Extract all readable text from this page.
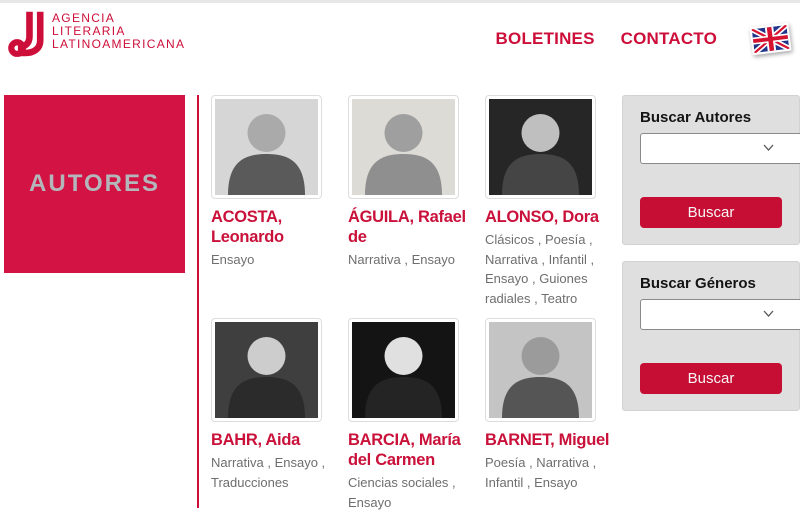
AGENCIA
LITERARIA
LATINOAMERICANA	BOLETINES CONTACTO
AUTORES
ACOSTA, Leonardo

Ensayo

ÁGUILA, Rafael de

Narrativa , Ensayo

ALONSO, Dora

Clásicos , Poesía , Narrativa , Infantil , Ensayo , Guiones radiales , Teatro

BAHR, Aida

Narrativa , Ensayo , Traducciones

BARCIA, María del Carmen

Ciencias sociales , Ensayo

BARNET, Miguel

Poesía , Narrativa , Infantil , Ensayo

Buscar Autores
Buscar
Buscar Géneros
Buscar
